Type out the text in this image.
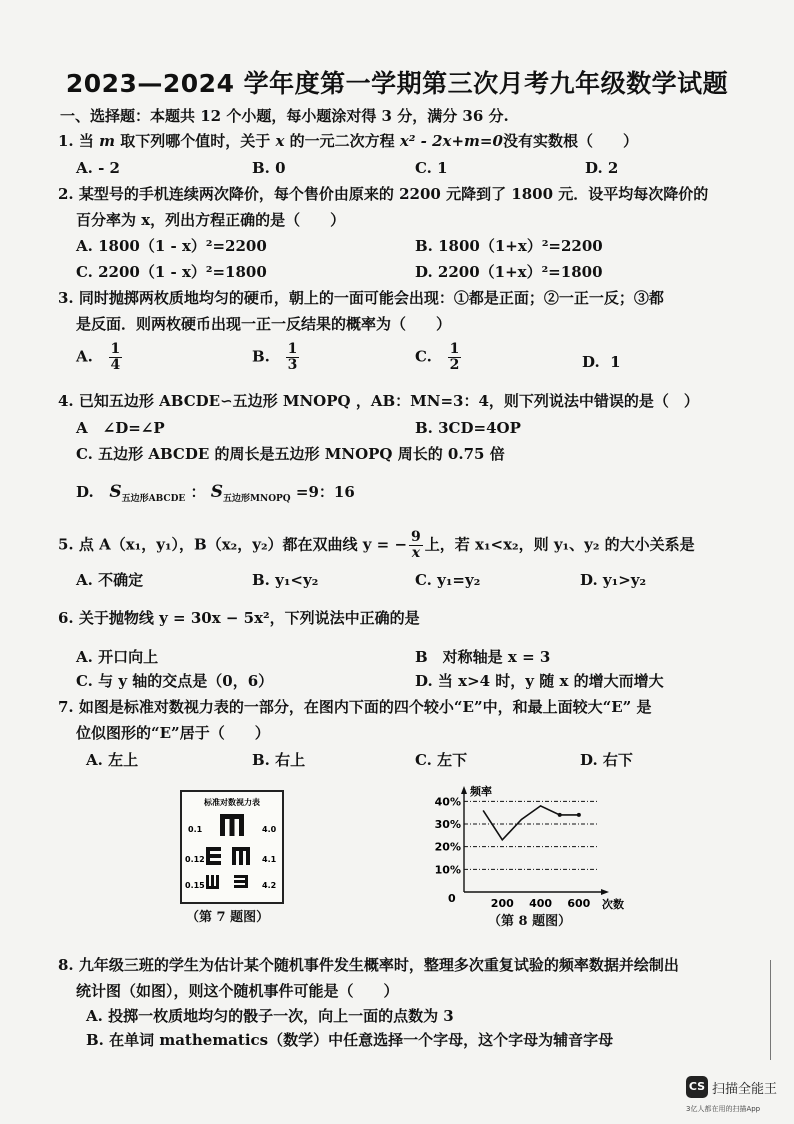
2023—2024 学年度第一学期第三次月考九年级数学试题
一、选择题：本题共 12 个小题，每小题涂对得 3 分，满分 36 分.
1. 当 m 取下列哪个值时，关于 x 的一元二次方程 x² - 2x+m=0没有实数根（　　）
A. - 2	B. 0	C. 1	D. 2
2. 某型号的手机连续两次降价，每个售价由原来的 2200 元降到了 1800 元．设平均每次降价的
百分率为 x，列出方程正确的是（　　）
A. 1800（1 - x）²=2200	B. 1800（1+x）²=2200
C. 2200（1 - x）²=1800	D. 2200（1+x）²=1800
3. 同时抛掷两枚质地均匀的硬币，朝上的一面可能会出现：①都是正面；②一正一反；③都
是反面．则两枚硬币出现一正一反结果的概率为（　　）
A. $\frac{1}{4}$	B. $\frac{1}{3}$	C. $\frac{1}{2}$	D. 1
4. 已知五边形 ABCDE∽五边形 MNOPQ ，AB：MN=3：4，则下列说法中错误的是（　）
A　∠D=∠P	B. 3CD=4OP
C. 五边形 ABCDE 的周长是五边形 MNOPQ 周长的 0.75 倍
D. $S_{五边形ABCDE}$ ： $S_{五边形MNOPQ} =9$：16
5. 点 A（x₁，y₁），B（x₂，y₂）都在双曲线 y = − $\frac{9}{x}$ 上，若 x₁<x₂，则 y₁、y₂ 的大小关系是
A. 不确定	B. y₁<y₂	C. y₁=y₂	D. y₁>y₂
6. 关于抛物线 y = 30x − 5x²，下列说法中正确的是
A. 开口向上	B　对称轴是 x = 3
C. 与 y 轴的交点是（0，6）	D. 当 x>4 时，y 随 x 的增大而增大
7. 如图是标准对数视力表的一部分，在图内下面的四个较小“E”中，和最上面较大“E” 是
位似图形的“E”居于（　　）
A. 左上	B. 右上	C. 左下	D. 右下
标准对数视力表
0.1	4.0
0.12	4.1
0.15	4.2
（第 7 题图）
频率
次数
0
40%
30%
20%
10%
200 400 600
（第 8 题图）
8. 九年级三班的学生为估计某个随机事件发生概率时，整理多次重复试验的频率数据并绘制出
统计图（如图），则这个随机事件可能是（　　）
A. 投掷一枚质地均匀的骰子一次，向上一面的点数为 3
B. 在单词 mathematics（数学）中任意选择一个字母，这个字母为辅音字母
CS 扫描全能王
3亿人都在用的扫描App
